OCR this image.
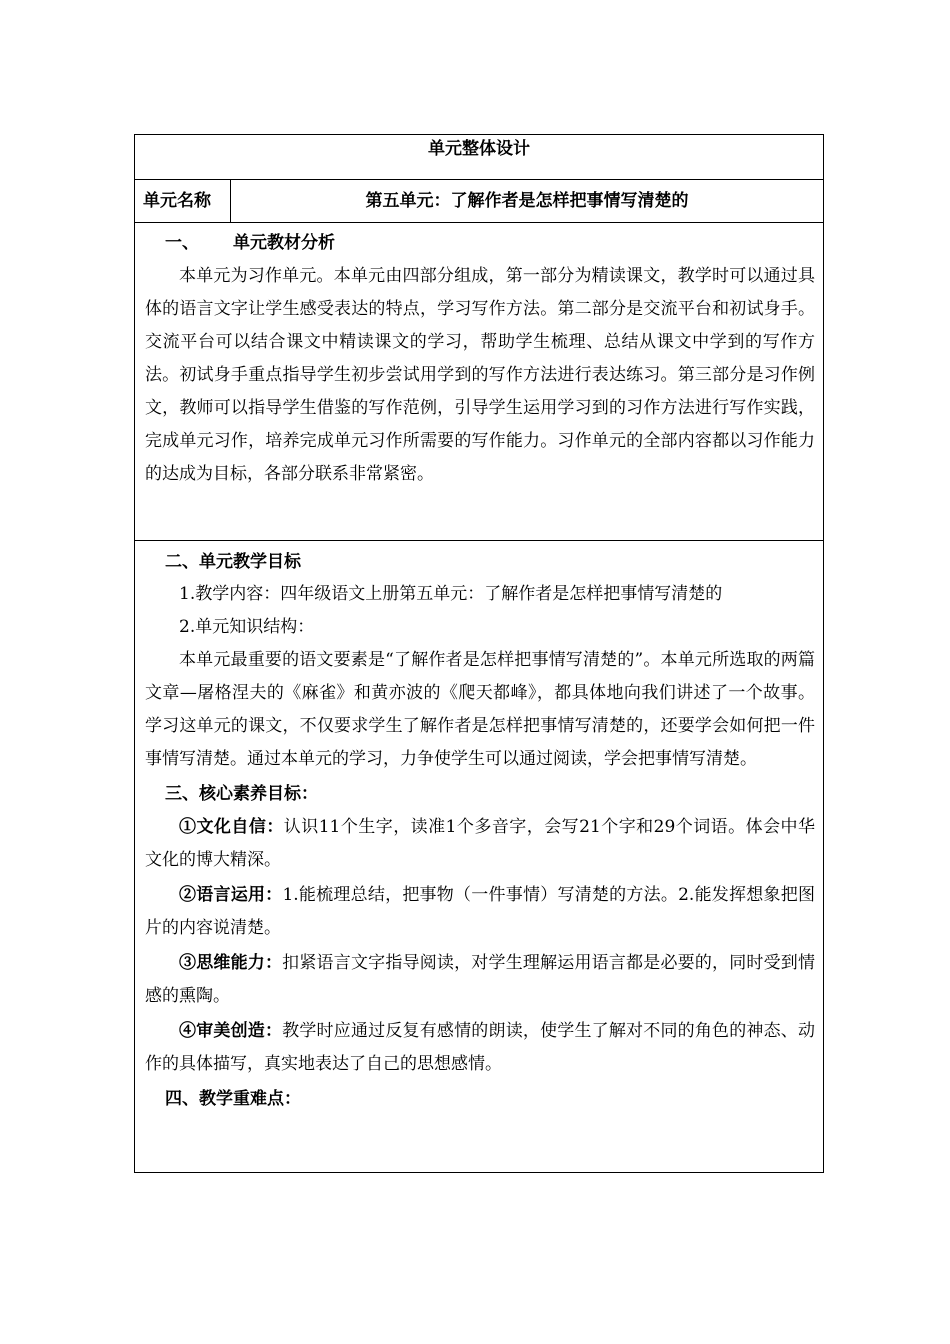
单元整体设计
单元名称	第五单元：了解作者是怎样把事情写清楚的
一、 单元教材分析

本单元为习作单元。本单元由四部分组成，第一部分为精读课文，教学时可以通过具体的语言文字让学生感受表达的特点，学习写作方法。第二部分是交流平台和初试身手。交流平台可以结合课文中精读课文的学习，帮助学生梳理、总结从课文中学到的写作方法。初试身手重点指导学生初步尝试用学到的写作方法进行表达练习。第三部分是习作例文，教师可以指导学生借鉴的写作范例，引导学生运用学习到的习作方法进行写作实践，完成单元习作，培养完成单元习作所需要的写作能力。习作单元的全部内容都以习作能力的达成为目标，各部分联系非常紧密。

二、单元教学目标
1.教学内容：四年级语文上册第五单元：了解作者是怎样把事情写清楚的
2.单元知识结构：

本单元最重要的语文要素是“了解作者是怎样把事情写清楚的”。本单元所选取的两篇文章—屠格涅夫的《麻雀》和黄亦波的《爬天都峰》，都具体地向我们讲述了一个故事。学习这单元的课文，不仅要求学生了解作者是怎样把事情写清楚的，还要学会如何把一件事情写清楚。通过本单元的学习，力争使学生可以通过阅读，学会把事情写清楚。

三、核心素养目标：

①文化自信：认识11个生字，读准1个多音字，会写21个字和29个词语。体会中华文化的博大精深。

②语言运用：1.能梳理总结，把事物（一件事情）写清楚的方法。2.能发挥想象把图片的内容说清楚。

③思维能力：扣紧语言文字指导阅读，对学生理解运用语言都是必要的，同时受到情感的熏陶。

④审美创造：教学时应通过反复有感情的朗读，使学生了解对不同的角色的神态、动作的具体描写，真实地表达了自己的思想感情。

四、教学重难点：
